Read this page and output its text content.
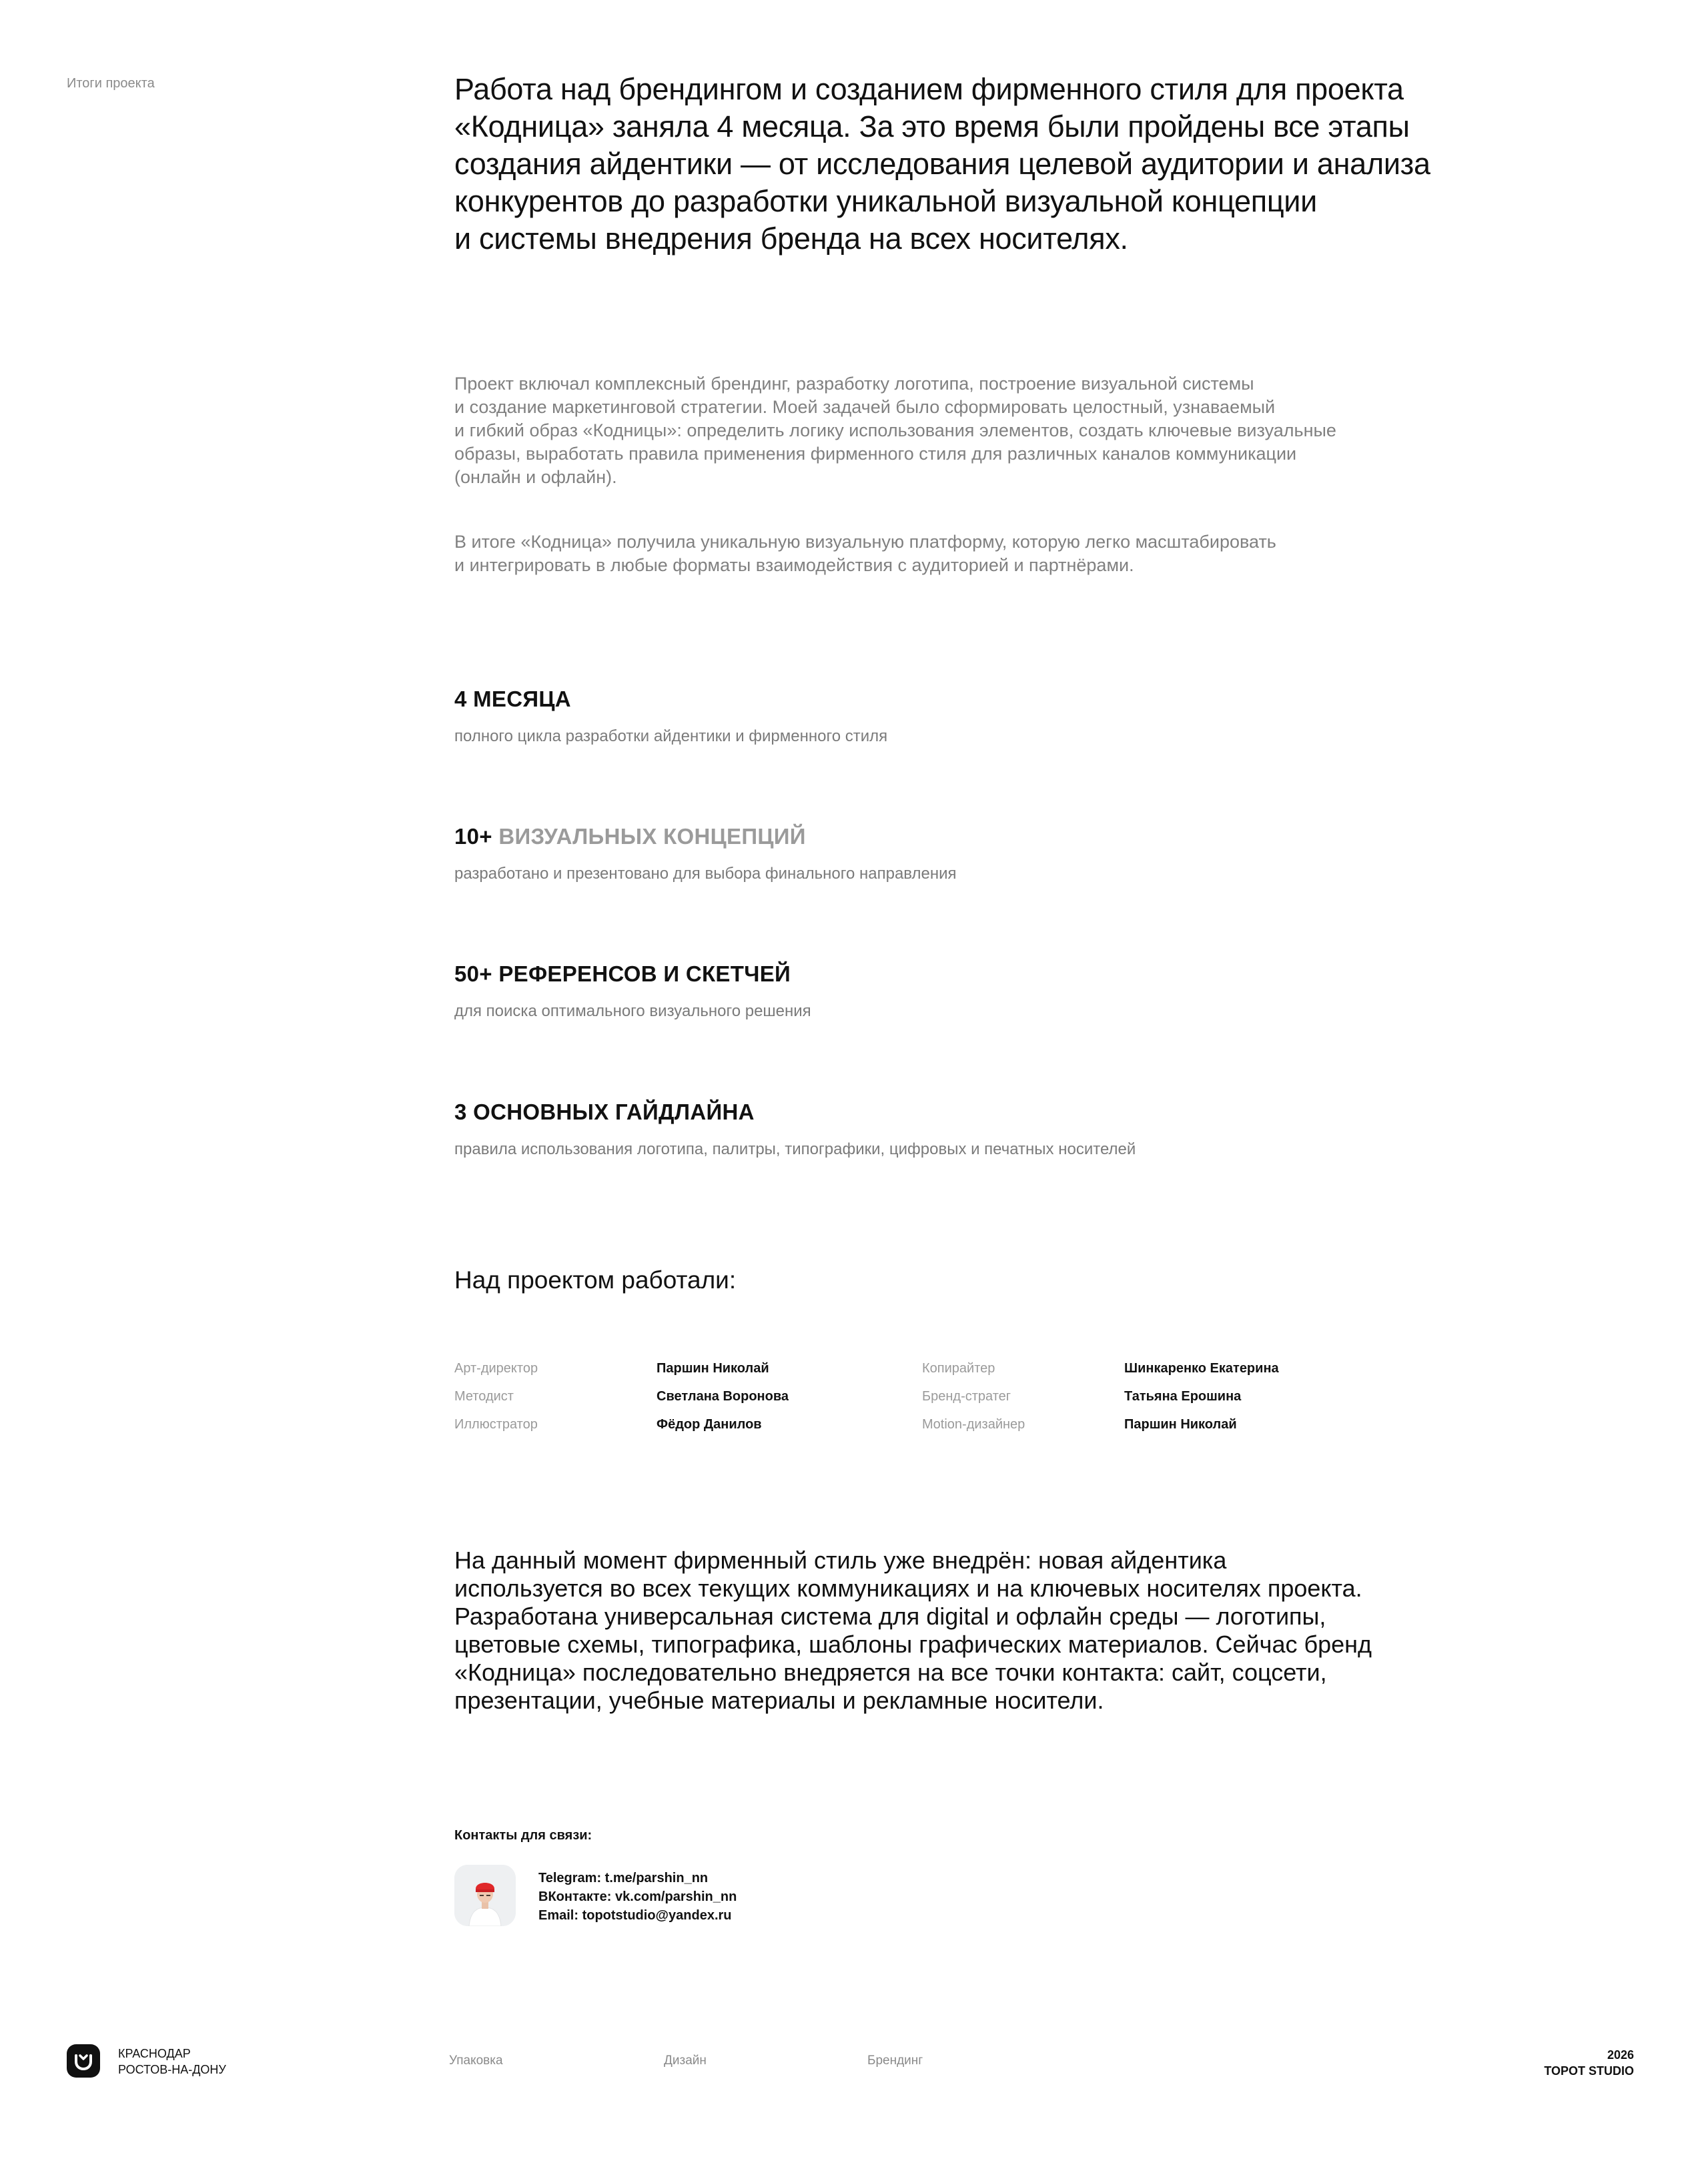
Итоги проекта	Работа над брендингом и созданием фирменного стиля для проекта
«Кодница» заняла 4 месяца. За это время были пройдены все этапы
создания айдентики — от исследования целевой аудитории и анализа
конкурентов до разработки уникальной визуальной концепции
и системы внедрения бренда на всех носителях.
Проект включал комплексный брендинг, разработку логотипа, построение визуальной системы
и создание маркетинговой стратегии. Моей задачей было сформировать целостный, узнаваемый
и гибкий образ «Кодницы»: определить логику использования элементов, создать ключевые визуальные
образы, выработать правила применения фирменного стиля для различных каналов коммуникации
(онлайн и офлайн).
В итоге «Кодница» получила уникальную визуальную платформу, которую легко масштабировать
и интегрировать в любые форматы взаимодействия с аудиторией и партнёрами.
4 МЕСЯЦА
полного цикла разработки айдентики и фирменного стиля
10+ ВИЗУАЛЬНЫХ КОНЦЕПЦИЙ
разработано и презентовано для выбора финального направления
50+ РЕФЕРЕНСОВ И СКЕТЧЕЙ
для поиска оптимального визуального решения
3 ОСНОВНЫХ ГАЙДЛАЙНА
правила использования логотипа, палитры, типографики, цифровых и печатных носителей
Над проектом работали:
Арт-директор	Паршин Николай	Копирайтер	Шинкаренко Екатерина
Методист	Светлана Воронова	Бренд-стратег	Татьяна Ерошина
Иллюстратор	Фёдор Данилов	Motion-дизайнер	Паршин Николай
На данный момент фирменный стиль уже внедрён: новая айдентика
используется во всех текущих коммуникациях и на ключевых носителях проекта.
Разработана универсальная система для digital и офлайн среды — логотипы,
цветовые схемы, типографика, шаблоны графических материалов. Сейчас бренд
«Кодница» последовательно внедряется на все точки контакта: сайт, соцсети,
презентации, учебные материалы и рекламные носители.
Контакты для связи:
Telegram: t.me/parshin_nn
ВКонтакте: vk.com/parshin_nn
Email: topotstudio@yandex.ru
КРАСНОДАР
РОСТОВ-НА-ДОНУ
Упаковка	Дизайн	Брендинг	2026
TOPOT STUDIO
